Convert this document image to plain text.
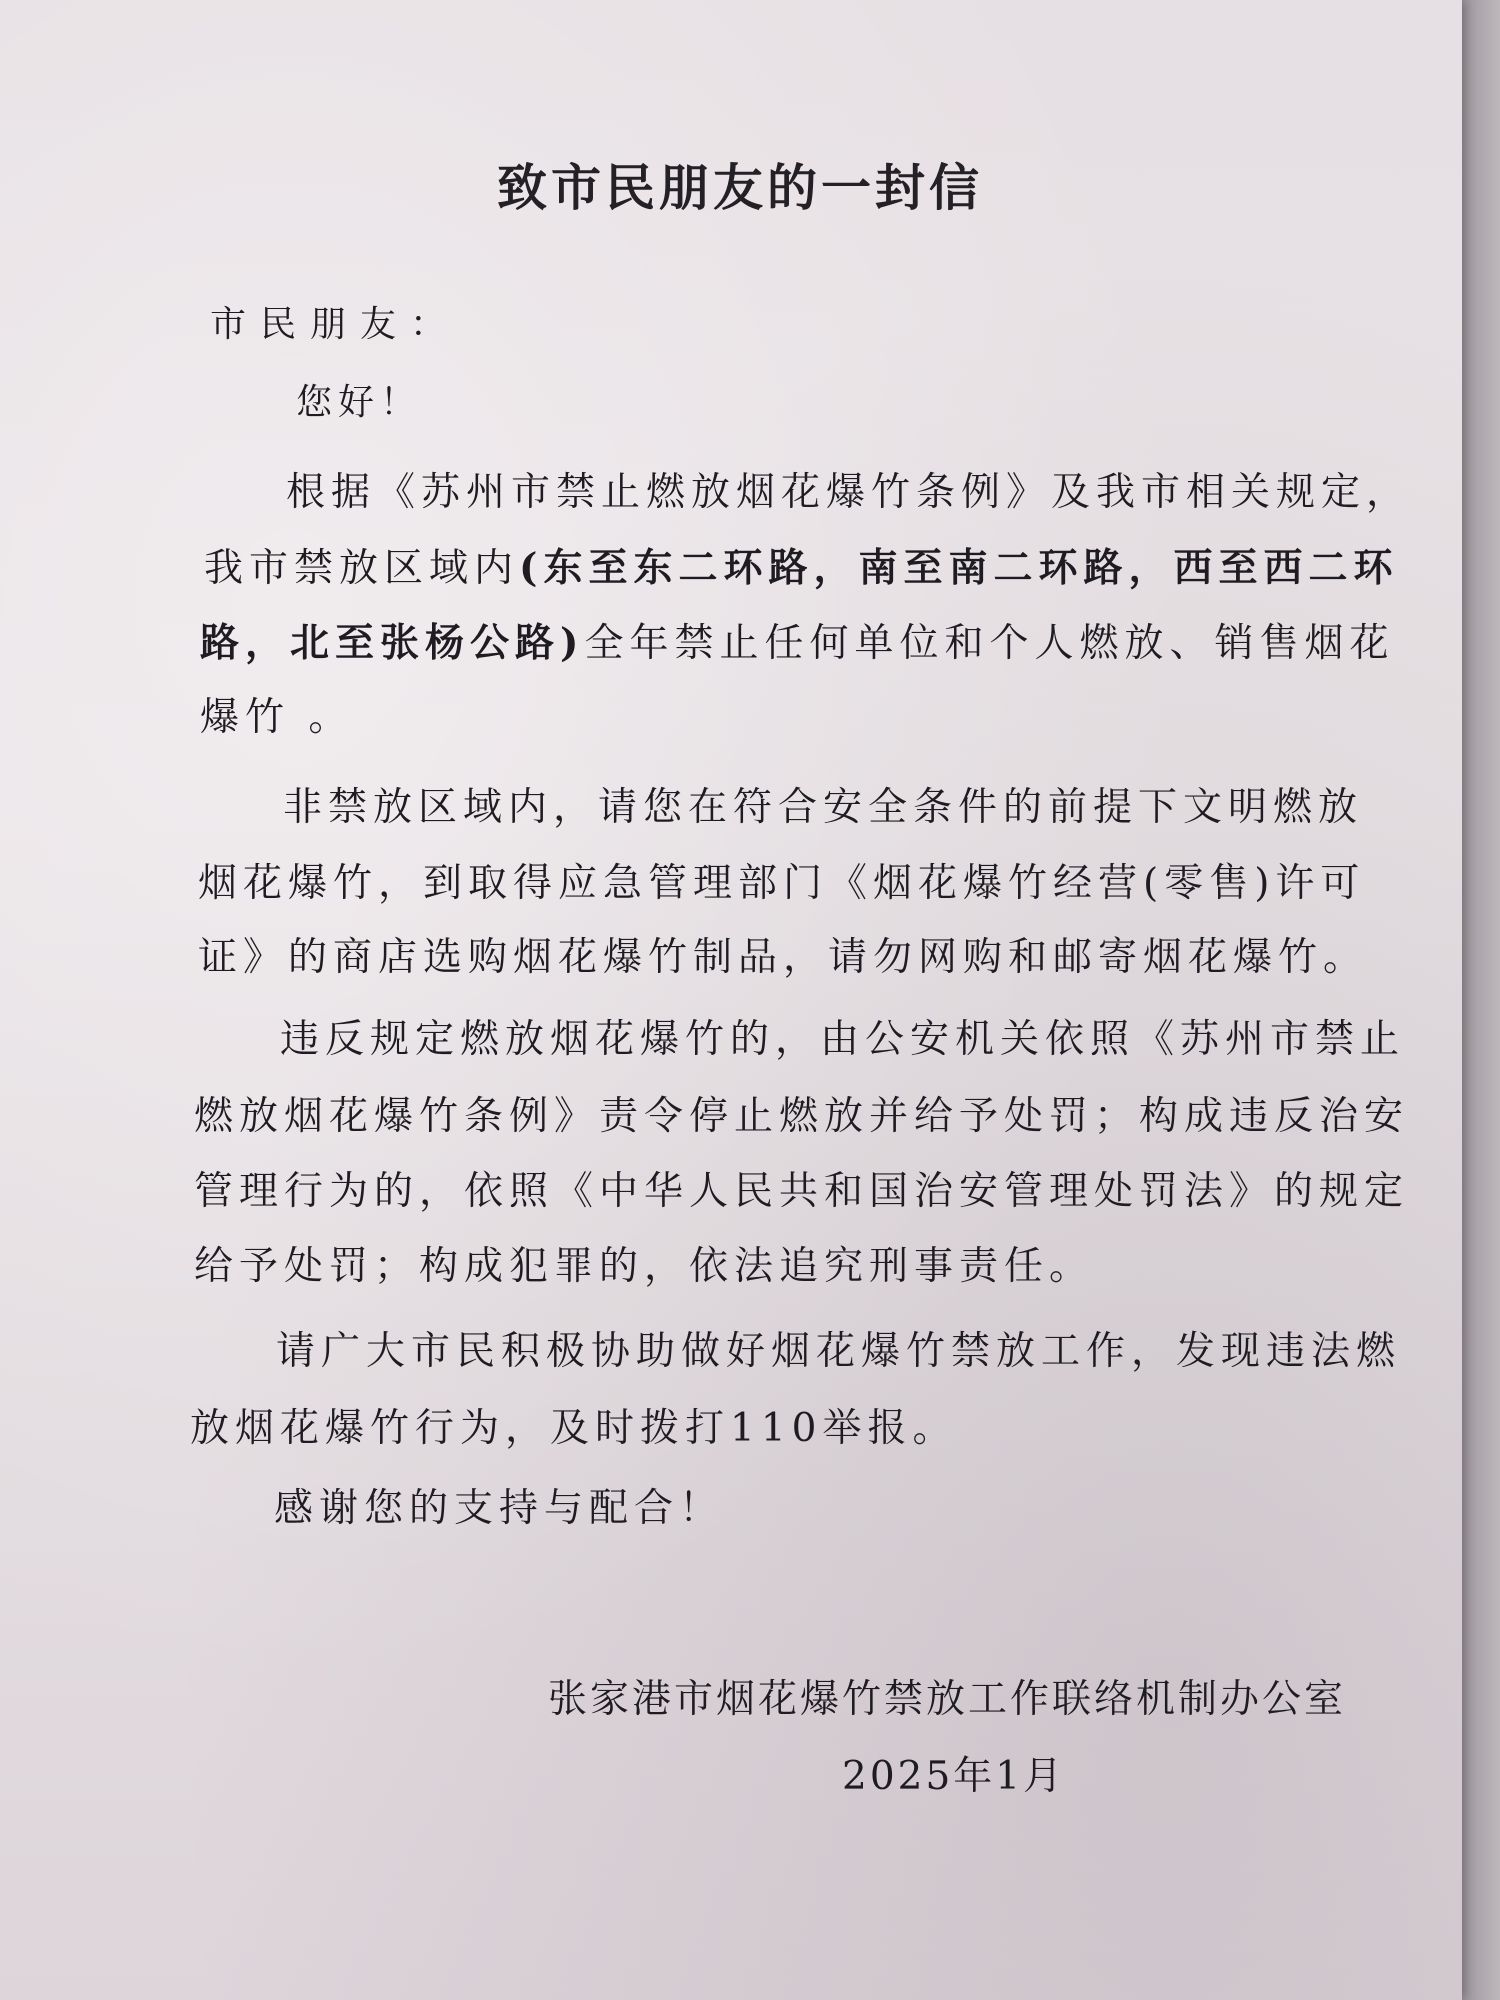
致市民朋友的一封信
市民朋友：
您好！
根据《苏州市禁止燃放烟花爆竹条例》及我市相关规定，
我市禁放区域内(东至东二环路，南至南二环路，西至西二环
路，北至张杨公路)全年禁止任何单位和个人燃放、销售烟花
爆竹 。
非禁放区域内，请您在符合安全条件的前提下文明燃放
烟花爆竹，到取得应急管理部门《烟花爆竹经营(零售)许可
证》的商店选购烟花爆竹制品，请勿网购和邮寄烟花爆竹。
违反规定燃放烟花爆竹的，由公安机关依照《苏州市禁止
燃放烟花爆竹条例》责令停止燃放并给予处罚；构成违反治安
管理行为的，依照《中华人民共和国治安管理处罚法》的规定
给予处罚；构成犯罪的，依法追究刑事责任。
请广大市民积极协助做好烟花爆竹禁放工作，发现违法燃
放烟花爆竹行为，及时拨打110举报。
感谢您的支持与配合！
张家港市烟花爆竹禁放工作联络机制办公室
2025年1月
